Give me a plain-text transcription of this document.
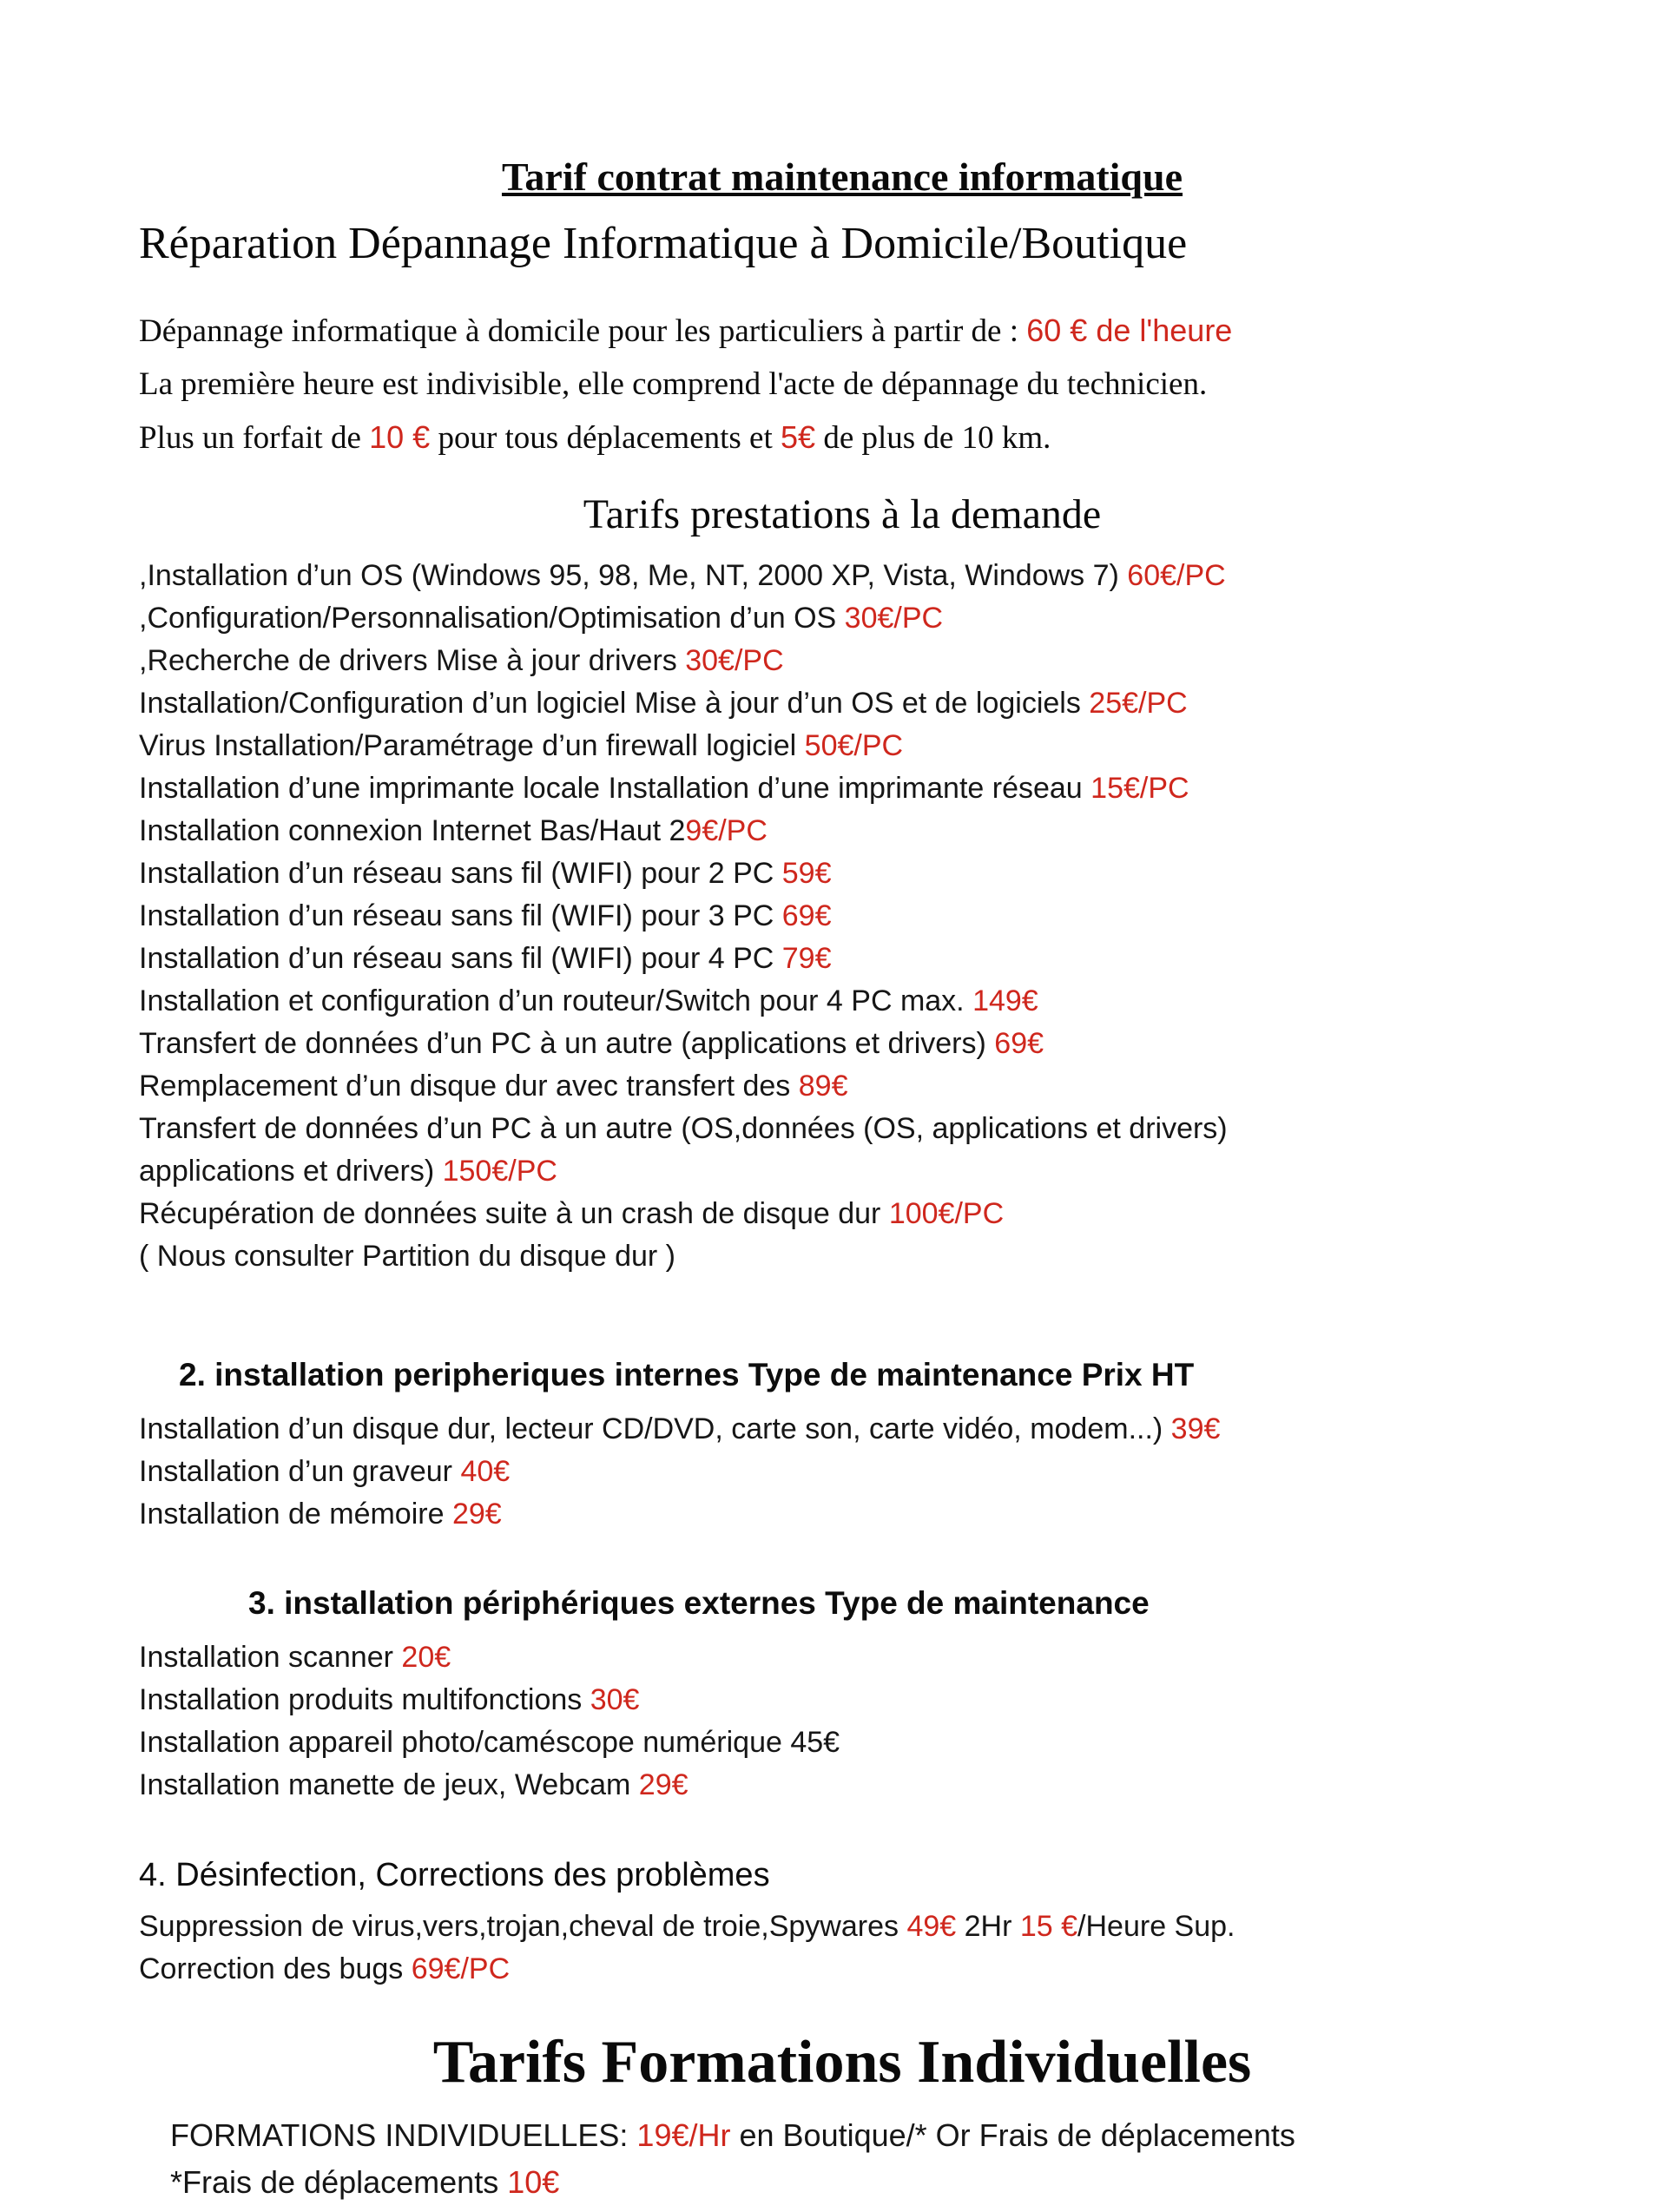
Tarif contrat maintenance informatique
Réparation Dépannage Informatique à Domicile/Boutique
Dépannage informatique à domicile pour les particuliers à partir de : 60 € de l'heure
La première heure est indivisible, elle comprend l'acte de dépannage du technicien.
Plus un forfait de 10 € pour tous déplacements et 5€ de plus de 10 km.
Tarifs prestations à la demande
,Installation d’un OS (Windows 95, 98, Me, NT, 2000 XP, Vista, Windows 7) 60€/PC
,Configuration/Personnalisation/Optimisation d’un OS 30€/PC
,Recherche de drivers Mise à jour drivers 30€/PC
Installation/Configuration d’un logiciel Mise à jour d’un OS et de logiciels 25€/PC
Virus Installation/Paramétrage d’un firewall logiciel 50€/PC
Installation d’une imprimante locale Installation d’une imprimante réseau 15€/PC
Installation connexion Internet Bas/Haut 29€/PC
Installation d’un réseau sans fil (WIFI) pour 2 PC 59€
Installation d’un réseau sans fil (WIFI) pour 3 PC 69€
Installation d’un réseau sans fil (WIFI) pour 4 PC 79€
Installation et configuration d’un routeur/Switch pour 4 PC max. 149€
Transfert de données d’un PC à un autre (applications et drivers) 69€
Remplacement d’un disque dur avec transfert des 89€
Transfert de données d’un PC à un autre (OS,données (OS, applications et drivers)
applications et drivers) 150€/PC
Récupération de données suite à un crash de disque dur 100€/PC
( Nous consulter Partition du disque dur )
2. installation peripheriques internes Type de maintenance Prix HT
Installation d’un disque dur, lecteur CD/DVD, carte son, carte vidéo, modem...) 39€
Installation d’un graveur 40€
Installation de mémoire 29€
3. installation périphériques externes Type de maintenance
Installation scanner 20€
Installation produits multifonctions 30€
Installation appareil photo/caméscope numérique 45€
Installation manette de jeux, Webcam 29€
4. Désinfection, Corrections des problèmes
Suppression de virus,vers,trojan,cheval de troie,Spywares 49€ 2Hr 15 €/Heure Sup.
Correction des bugs 69€/PC
Tarifs Formations Individuelles
FORMATIONS INDIVIDUELLES: 19€/Hr en Boutique/* Or Frais de déplacements
*Frais de déplacements 10€
